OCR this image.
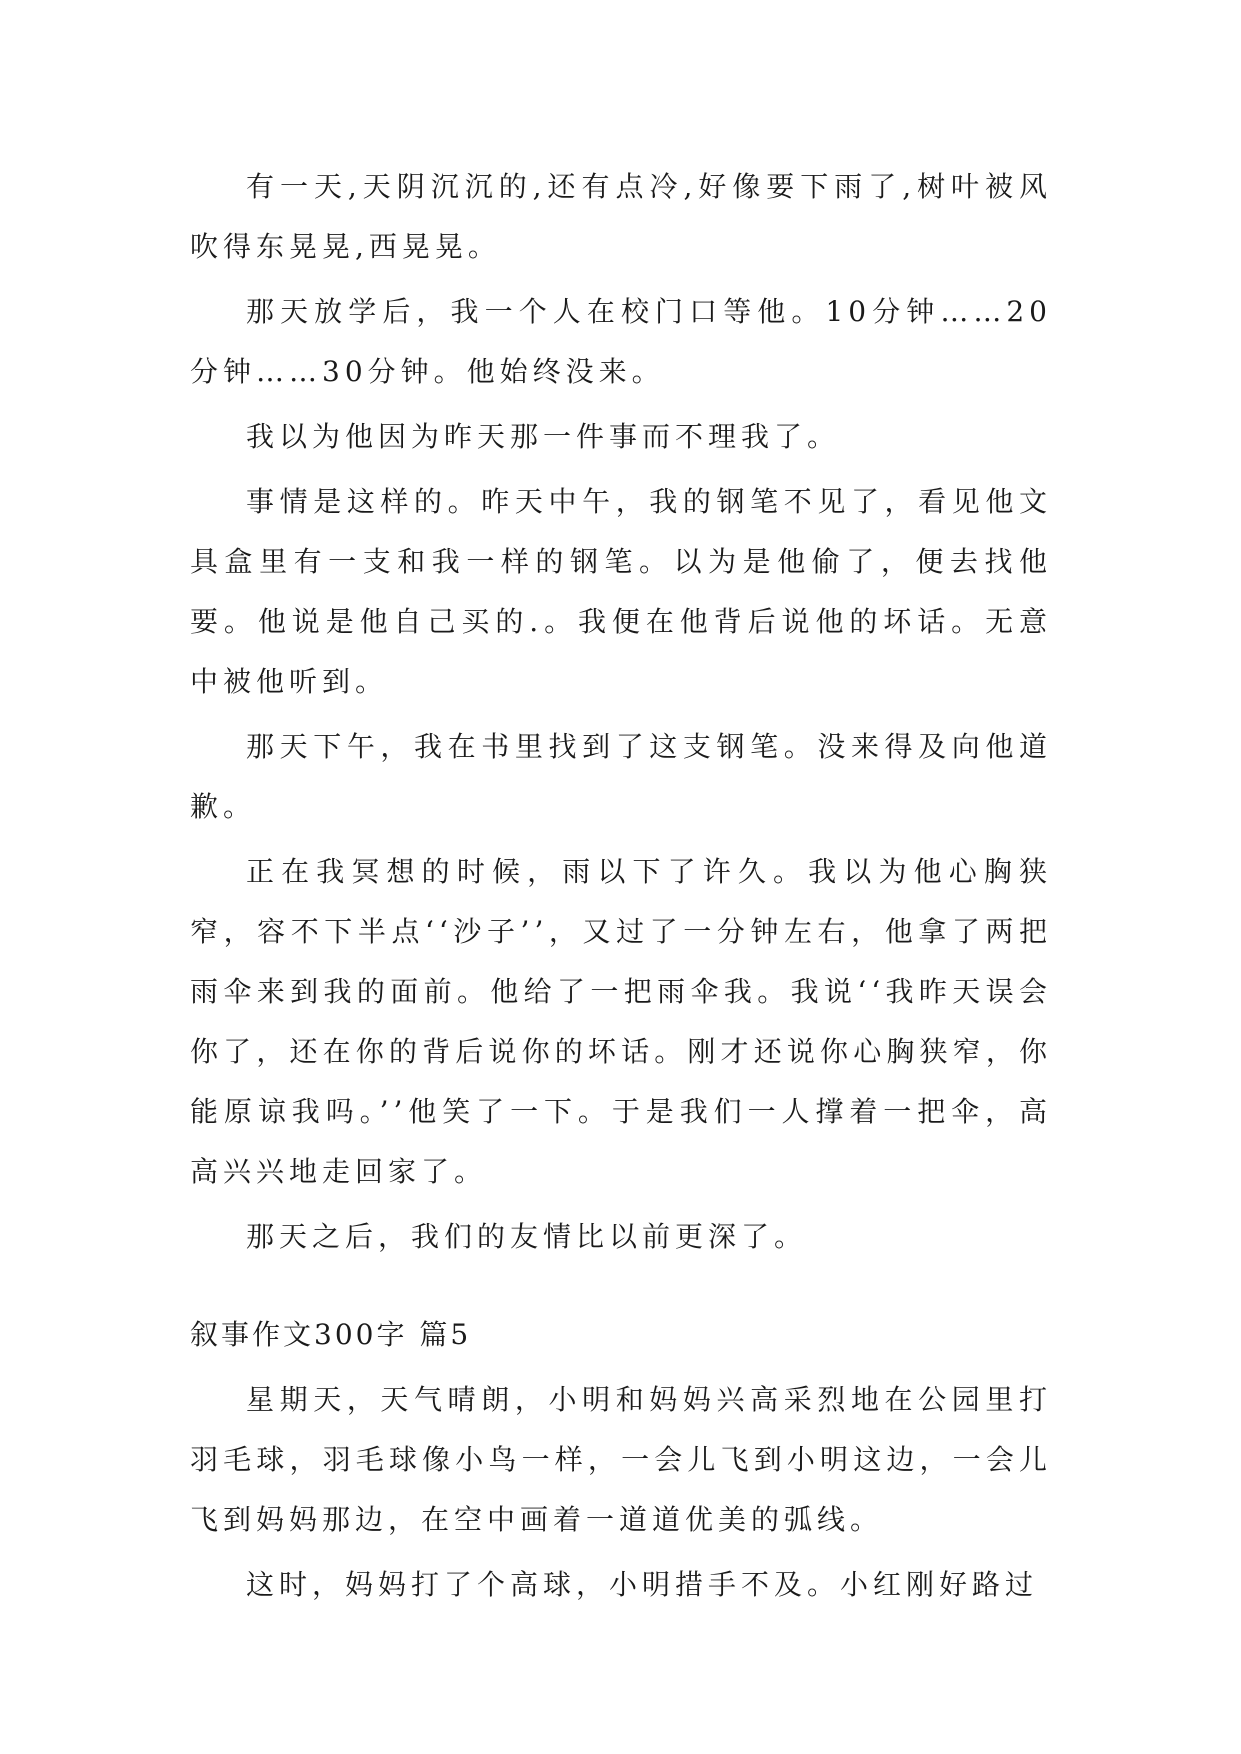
有一天,天阴沉沉的,还有点冷,好像要下雨了,树叶被风吹得东晃晃,西晃晃。

那天放学后，我一个人在校门口等他。10分钟……20分钟……30分钟。他始终没来。

我以为他因为昨天那一件事而不理我了。

事情是这样的。昨天中午，我的钢笔不见了，看见他文具盒里有一支和我一样的钢笔。以为是他偷了，便去找他要。他说是他自己买的.。我便在他背后说他的坏话。无意中被他听到。

那天下午，我在书里找到了这支钢笔。没来得及向他道歉。

正在我冥想的时候，雨以下了许久。我以为他心胸狭窄，容不下半点‘‘沙子’’，又过了一分钟左右，他拿了两把雨伞来到我的面前。他给了一把雨伞我。我说‘‘我昨天误会你了，还在你的背后说你的坏话。刚才还说你心胸狭窄，你能原谅我吗。’’他笑了一下。于是我们一人撑着一把伞，高高兴兴地走回家了。

那天之后，我们的友情比以前更深了。

叙事作文300字 篇5

星期天，天气晴朗，小明和妈妈兴高采烈地在公园里打羽毛球，羽毛球像小鸟一样，一会儿飞到小明这边，一会儿飞到妈妈那边，在空中画着一道道优美的弧线。

这时，妈妈打了个高球，小明措手不及。小红刚好路过
